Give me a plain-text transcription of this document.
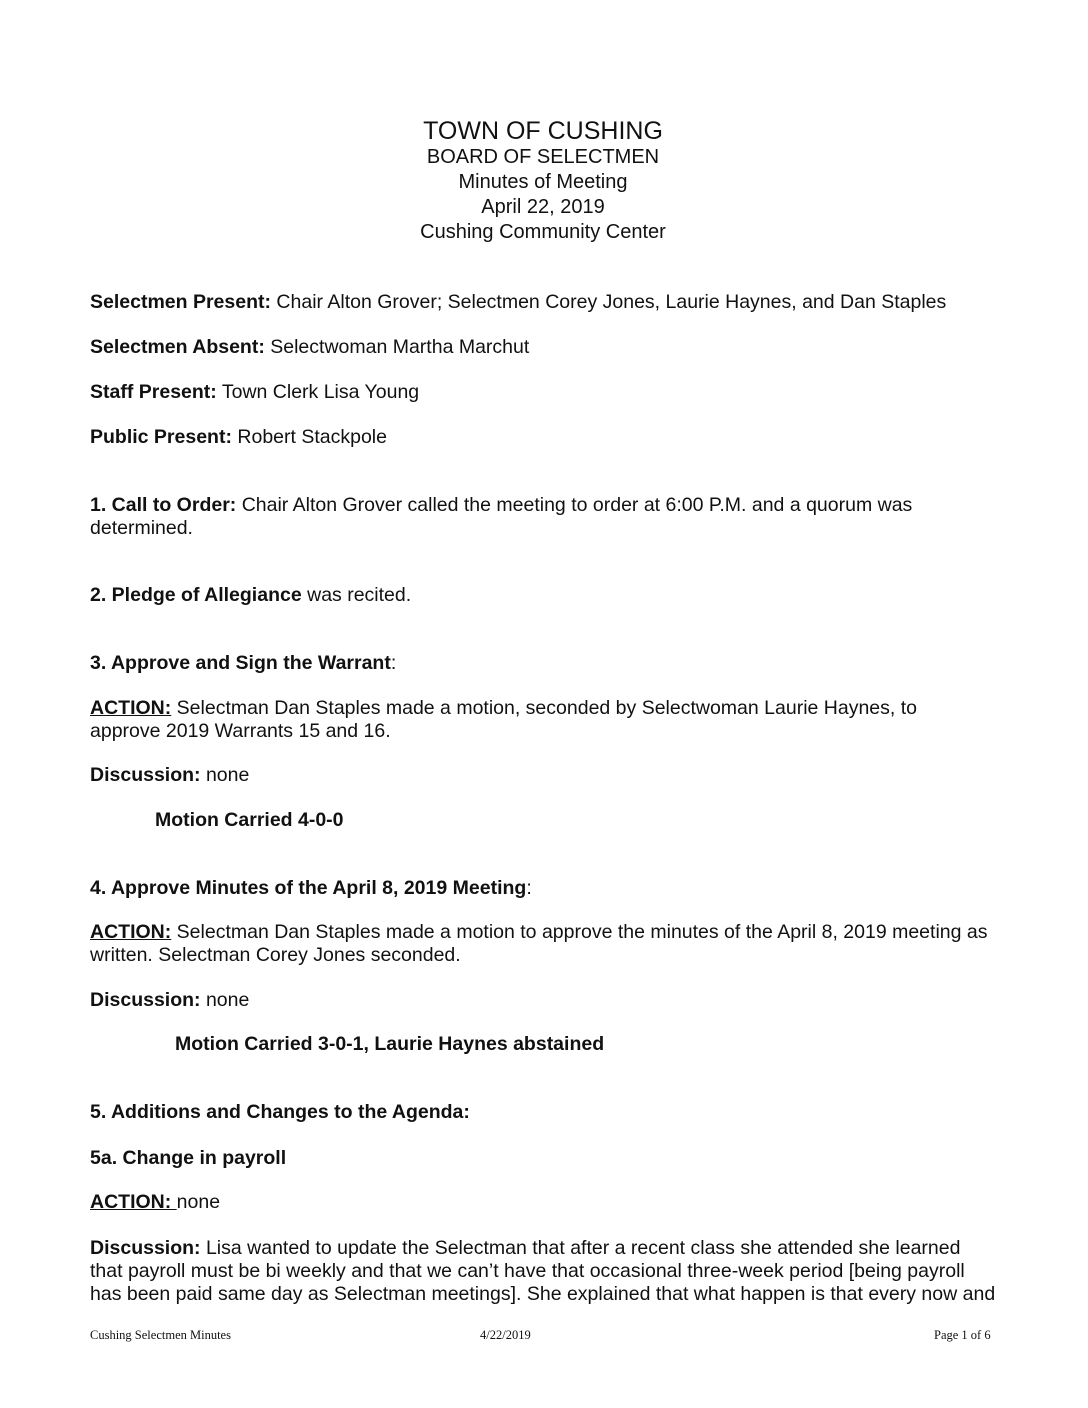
TOWN OF CUSHING
BOARD OF SELECTMEN
Minutes of Meeting
April 22, 2019
Cushing Community Center
Selectmen Present: Chair Alton Grover; Selectmen Corey Jones, Laurie Haynes, and Dan Staples
Selectmen Absent: Selectwoman Martha Marchut
Staff Present: Town Clerk Lisa Young
Public Present: Robert Stackpole
1. Call to Order: Chair Alton Grover called the meeting to order at 6:00 P.M. and a quorum was
determined.
2. Pledge of Allegiance was recited.
3. Approve and Sign the Warrant:
ACTION: Selectman Dan Staples made a motion, seconded by Selectwoman Laurie Haynes, to
approve 2019 Warrants 15 and 16.
Discussion: none
Motion Carried 4-0-0
4. Approve Minutes of the April 8, 2019 Meeting:
ACTION: Selectman Dan Staples made a motion to approve the minutes of the April 8, 2019 meeting as
written. Selectman Corey Jones seconded.
Discussion: none
Motion Carried 3-0-1, Laurie Haynes abstained
5. Additions and Changes to the Agenda:
5a. Change in payroll
ACTION: none
Discussion: Lisa wanted to update the Selectman that after a recent class she attended she learned
that payroll must be bi weekly and that we can’t have that occasional three-week period [being payroll
has been paid same day as Selectman meetings]. She explained that what happen is that every now and
Cushing Selectmen Minutes	4/22/2019	Page 1 of 6
